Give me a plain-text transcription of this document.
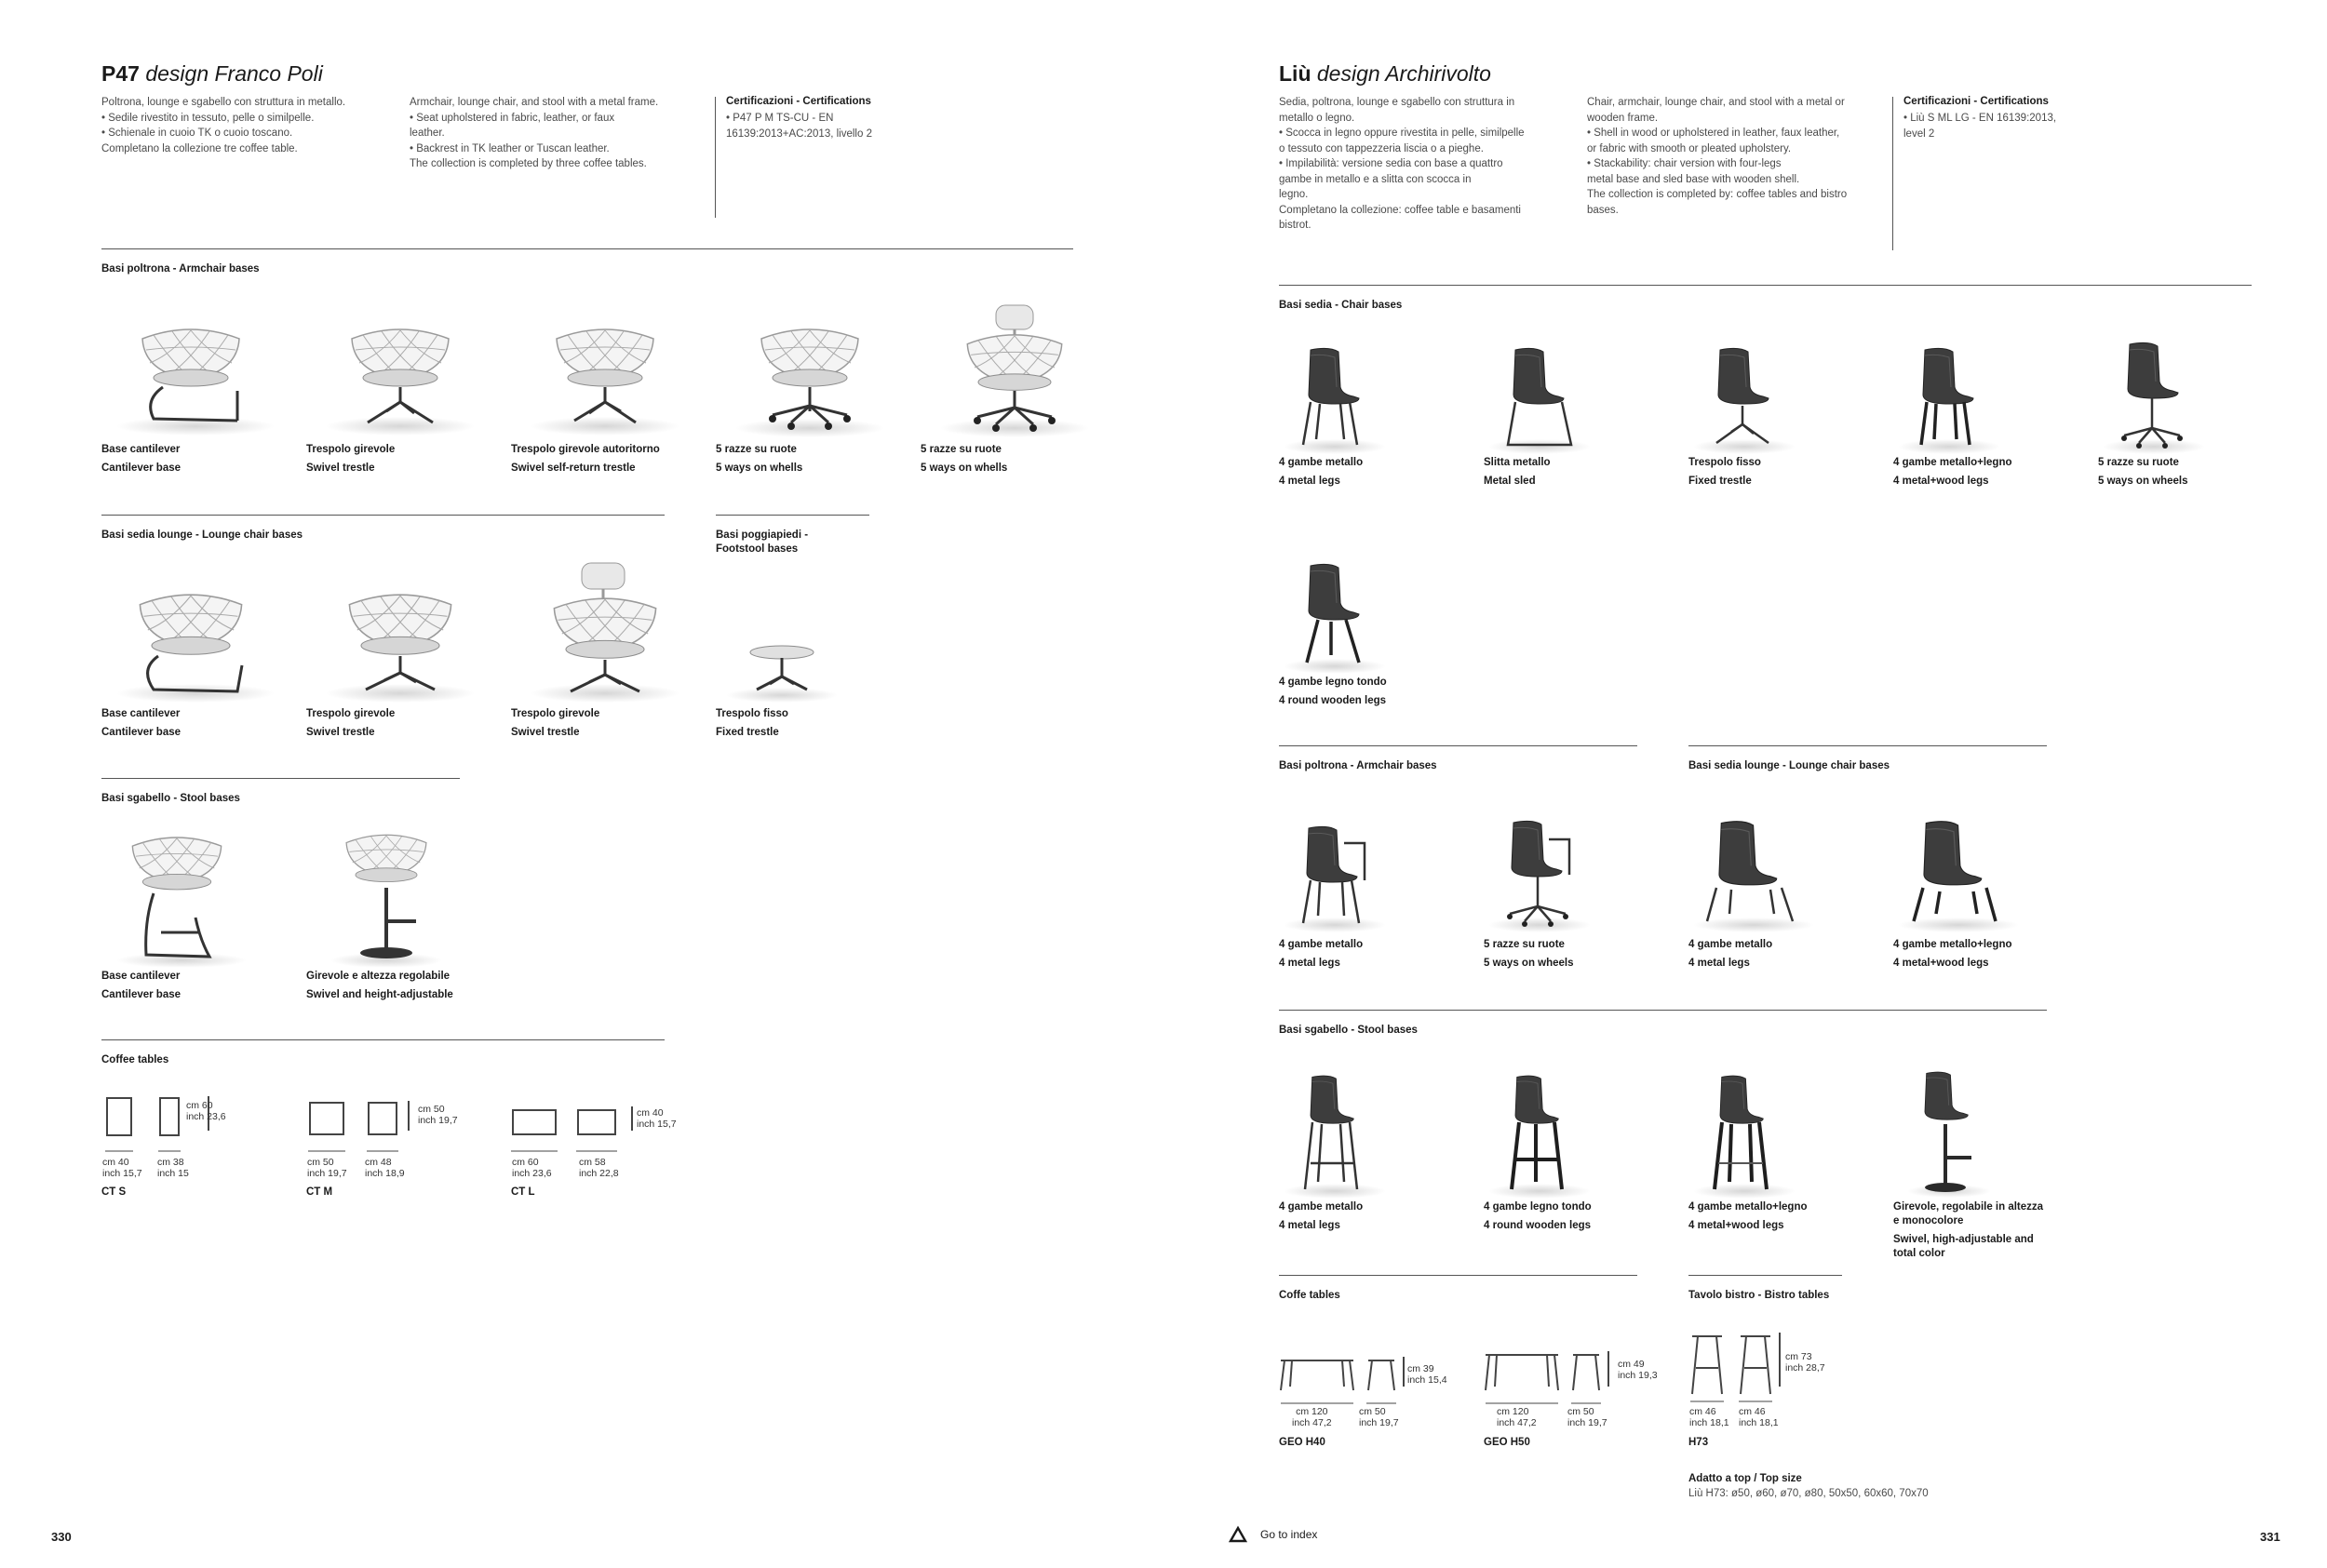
P47 design Franco Poli
Poltrona, lounge e sgabello con struttura in metallo.
• Sedile rivestito in tessuto, pelle o similpelle.
• Schienale in cuoio TK o cuoio toscano.
Completano la collezione tre coffee table.
Armchair, lounge chair, and stool with a metal frame.
• Seat upholstered in fabric, leather, or faux
leather.
• Backrest in TK leather or Tuscan leather.
The collection is completed by three coffee tables.
Certificazioni - Certifications
• P47 P M TS-CU - EN
16139:2013+AC:2013, livello 2
Basi poltrona - Armchair bases
Base cantilever
Cantilever base
Trespolo girevole
Swivel trestle
Trespolo girevole autoritorno
Swivel self-return trestle
5 razze su ruote
5 ways on whells
5 razze su ruote
5 ways on whells
Basi sedia lounge - Lounge chair bases	Basi poggiapiedi -
Footstool bases
Base cantilever
Cantilever base
Trespolo girevole
Swivel trestle
Trespolo girevole
Swivel trestle
Trespolo fisso
Fixed trestle
Basi sgabello - Stool bases
Base cantilever
Cantilever base
Girevole e altezza regolabile
Swivel and height-adjustable
Coffee tables
cm 60
inch 23,6
cm 40
inch 15,7
cm 38
inch 15
CT S
cm 50
inch 19,7
cm 50
inch 19,7
cm 48
inch 18,9
CT M
cm 40
inch 15,7
cm 60
inch 23,6
cm 58
inch 22,8
CT L
330
Liù design Archirivolto
Sedia, poltrona, lounge e sgabello con struttura in metallo o legno.
• Scocca in legno oppure rivestita in pelle, similpelle
o tessuto con tappezzeria liscia o a pieghe.
• Impilabilità: versione sedia con base a quattro
gambe in metallo e a slitta con scocca in
legno.
Completano la collezione: coffee table e basamenti bistrot.
Chair, armchair, lounge chair, and stool with a metal or wooden frame.
• Shell in wood or upholstered in leather, faux leather,
or fabric with smooth or pleated upholstery.
• Stackability: chair version with four-legs
metal base and sled base with wooden shell.
The collection is completed by: coffee tables and bistro bases.
Certificazioni - Certifications
• Liù S ML LG - EN 16139:2013,
level 2
Basi sedia - Chair bases
4 gambe metallo
4 metal legs
Slitta metallo
Metal sled
Trespolo fisso
Fixed trestle
4 gambe metallo+legno
4 metal+wood legs
5 razze su ruote
5 ways on wheels
4 gambe legno tondo
4 round wooden legs
Basi poltrona - Armchair bases	Basi sedia lounge - Lounge chair bases
4 gambe metallo
4 metal legs
5 razze su ruote
5 ways on wheels
4 gambe metallo
4 metal legs
4 gambe metallo+legno
4 metal+wood legs
Basi sgabello - Stool bases
4 gambe metallo
4 metal legs
4 gambe legno tondo
4 round wooden legs
4 gambe metallo+legno
4 metal+wood legs
Girevole, regolabile in altezza
e monocolore
Swivel, high-adjustable and
total color
Coffe tables	Tavolo bistro - Bistro tables
cm 39
inch 15,4
cm 120
inch 47,2
cm 50
inch 19,7
GEO H40
cm 49
inch 19,3
cm 120
inch 47,2
cm 50
inch 19,7
GEO H50
cm 73
inch 28,7
cm 46
inch 18,1
cm 46
inch 18,1
H73
Adatto a top / Top size
Liù H73: ø50, ø60, ø70, ø80, 50x50, 60x60, 70x70
331
Go to index
